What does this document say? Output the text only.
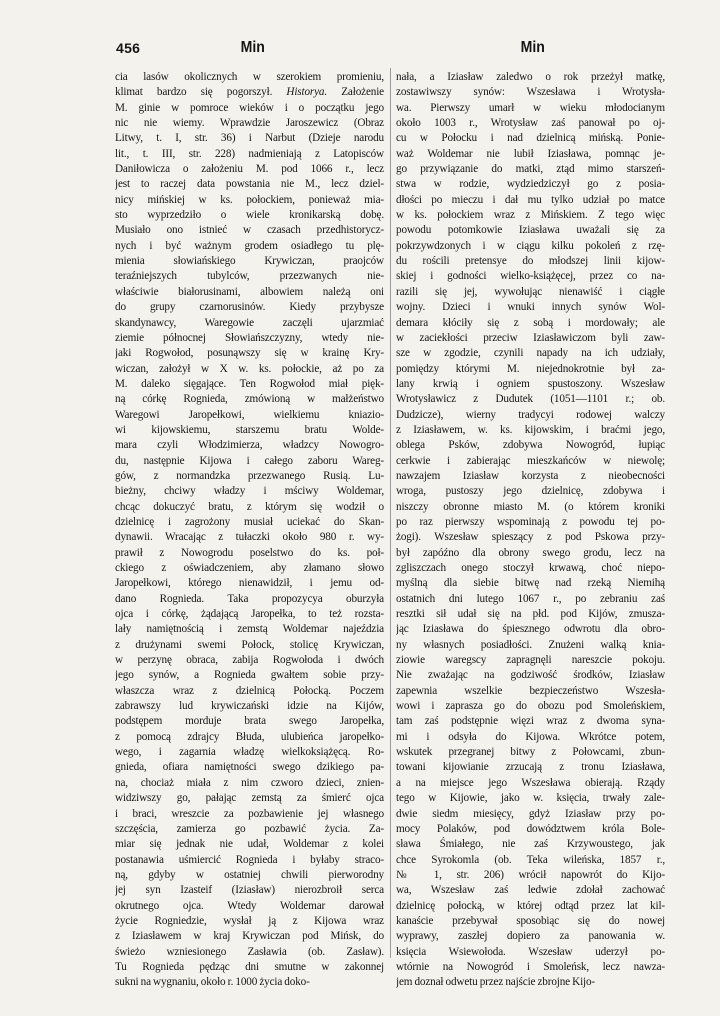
456	Min	Min
cia lasów okolicznych w szerokiem promieniu,
klimat bardzo się pogorszył. Historya. Założenie
M. ginie w pomroce wieków i o początku jego
nic nie wiemy. Wprawdzie Jaroszewicz (Obraz
Litwy, t. I, str. 36) i Narbut (Dzieje narodu
lit., t. III, str. 228) nadmieniają z Latopisców
Daniłowicza o założeniu M. pod 1066 r., lecz
jest to raczej data powstania nie M., lecz dziel-
nicy mińskiej w ks. połockiem, ponieważ mia-
sto wyprzedziło o wiele kronikarską dobę.
Musiało ono istnieć w czasach przedhistorycz-
nych i być ważnym grodem osiadłego tu plę-
mienia słowiańskiego Krywiczan, praojców
teraźniejszych tubylców, przezwanych nie-
właściwie białorusinami, albowiem należą oni
do grupy czarnorusinów. Kiedy przybysze
skandynawcy, Waregowie zaczęli ujarzmiać
ziemie północnej Słowiańszczyzny, wtedy nie-
jaki Rogwołod, posunąwszy się w krainę Kry-
wiczan, założył w X w. ks. połockie, aż po za
M. daleko sięgające. Ten Rogwołod miał pięk-
ną córkę Rognieda, zmówioną w małżeństwo
Waregowi Jaropełkowi, wielkiemu kniazio-
wi kijowskiemu, starszemu bratu Wolde-
mara czyli Włodzimierza, władzcy Nowogro-
du, następnie Kijowa i całego zaboru Wareg-
gów, z normandzka przezwanego Rusią. Lu-
bieżny, chciwy władzy i mściwy Woldemar,
chcąc dokuczyć bratu, z którym się wodził o
dzielnicę i zagrożony musiał uciekać do Skan-
dynawii. Wracając z tułaczki około 980 r. wy-
prawił z Nowogrodu poselstwo do ks. poł-
ckiego z oświadczeniem, aby złamano słowo
Jaropełkowi, którego nienawidził, i jemu od-
dano Rognieda. Taka propozycya oburzyła
ojca i córkę, żądającą Jaropełka, to też rozsta-
lały namiętnością i zemstą Woldemar najeździa
z drużynami swemi Połock, stolicę Krywiczan,
w perzynę obraca, zabija Rogwołoda i dwóch
jego synów, a Rognieda gwałtem sobie przy-
właszcza wraz z dzielnicą Połocką. Poczem
zabrawszy lud krywiczański idzie na Kijów,
podstępem morduje brata swego Jaropełka,
z pomocą zdrajcy Błuda, ulubieńca jaropełko-
wego, i zagarnia władzę wielkoksiążęcą. Ro-
gnieda, ofiara namiętności swego dzikiego pa-
na, chociaż miała z nim czworo dzieci, znien-
widziwszy go, pałając zemstą za śmierć ojca
i braci, wreszcie za pozbawienie jej własnego
szczęścia, zamierza go pozbawić życia. Za-
miar się jednak nie udał, Woldemar z kolei
postanawia uśmiercić Rognieda i byłaby straco-
ną, gdyby w ostatniej chwili pierworodny
jej syn Izasteif (Iziasław) nierozbroił serca
okrutnego ojca. Wtedy Woldemar darował
życie Rogniedzie, wysłał ją z Kijowa wraz
z Iziasławem w kraj Krywiczan pod Mińsk, do
świeżo wzniesionego Zasławia (ob. Zasław).
Tu Rognieda pędząc dni smutne w zakonnej
sukni na wygnaniu, około r. 1000 życia doko-
nała, a Iziasław zaledwo o rok przeżył matkę,
zostawiwszy synów: Wszesława i Wrotysła-
wa. Pierwszy umarł w wieku młodocianym
około 1003 r., Wrotysław zaś panował po oj-
cu w Połocku i nad dzielnicą mińską. Ponie-
waż Woldemar nie lubił Iziasława, pomnąc je-
go przywiązanie do matki, ztąd mimo starszeń-
stwa w rodzie, wydziedziczył go z posia-
dłości po mieczu i dał mu tylko udział po matce
w ks. połockiem wraz z Mińskiem. Z tego więc
powodu potomkowie Iziasława uważali się za
pokrzywdzonych i w ciągu kilku pokoleń z rzę-
du rościli pretensye do młodszej linii kijow-
skiej i godności wielko-książęcej, przez co na-
razili się jej, wywołując nienawiść i ciągłe
wojny. Dzieci i wnuki innych synów Wol-
demara kłóciły się z sobą i mordowały; ale
w zaciekłości przeciw Iziasławiczom byli zaw-
sze w zgodzie, czynili napady na ich udziały,
pomiędzy którymi M. niejednokrotnie był za-
lany krwią i ogniem spustoszony. Wszesław
Wrotysławicz z Dudutek (1051—1101 r.; ob.
Dudzicze), wierny tradycyi rodowej walczy
z Iziasławem, w. ks. kijowskim, i braćmi jego,
oblega Psków, zdobywa Nowogród, łupiąc
cerkwie i zabierając mieszkańców w niewolę;
nawzajem Iziasław korzysta z nieobecności
wroga, pustoszy jego dzielnicę, zdobywa i
niszczy obronne miasto M. (o którem kroniki
po raz pierwszy wspominają z powodu tej po-
żogi). Wszesław spieszący z pod Pskowa przy-
był zapóźno dla obrony swego grodu, lecz na
zgliszczach onego stoczył krwawą, choć niepo-
myślną dla siebie bitwę nad rzeką Niemihą
ostatnich dni lutego 1067 r., po zebraniu zaś
resztki sił udał się na płd. pod Kijów, zmusza-
jąc Iziasława do śpiesznego odwrotu dla obro-
ny własnych posiadłości. Znużeni walką knia-
ziowie waregscy zapragnęli nareszcie pokoju.
Nie zważając na godziwość środków, Iziasław
zapewnia wszelkie bezpieczeństwo Wszesła-
wowi i zaprasza go do obozu pod Smoleńskiem,
tam zaś podstępnie więzi wraz z dwoma syna-
mi i odsyła do Kijowa. Wkrótce potem,
wskutek przegranej bitwy z Połowcami, zbun-
towani kijowianie zrzucają z tronu Iziasława,
a na miejsce jego Wszesława obierają. Rządy
tego w Kijowie, jako w. księcia, trwały zale-
dwie siedm miesięcy, gdyż Iziasław przy po-
mocy Polaków, pod dowództwem króla Bole-
sława Śmiałego, nie zaś Krzywoustego, jak
chce Syrokomla (ob. Teka wileńska, 1857 r.,
№ 1, str. 206) wrócił napowrót do Kijo-
wa, Wszesław zaś ledwie zdołał zachować
dzielnicę połocką, w której odtąd przez lat kil-
kanaście przebywał sposobiąc się do nowej
wyprawy, zaszłej dopiero za panowania w.
księcia Wsiewołoda. Wszesław uderzył po-
wtórnie na Nowogród i Smoleńsk, lecz nawza-
jem doznał odwetu przez najście zbrojne Kijo-
